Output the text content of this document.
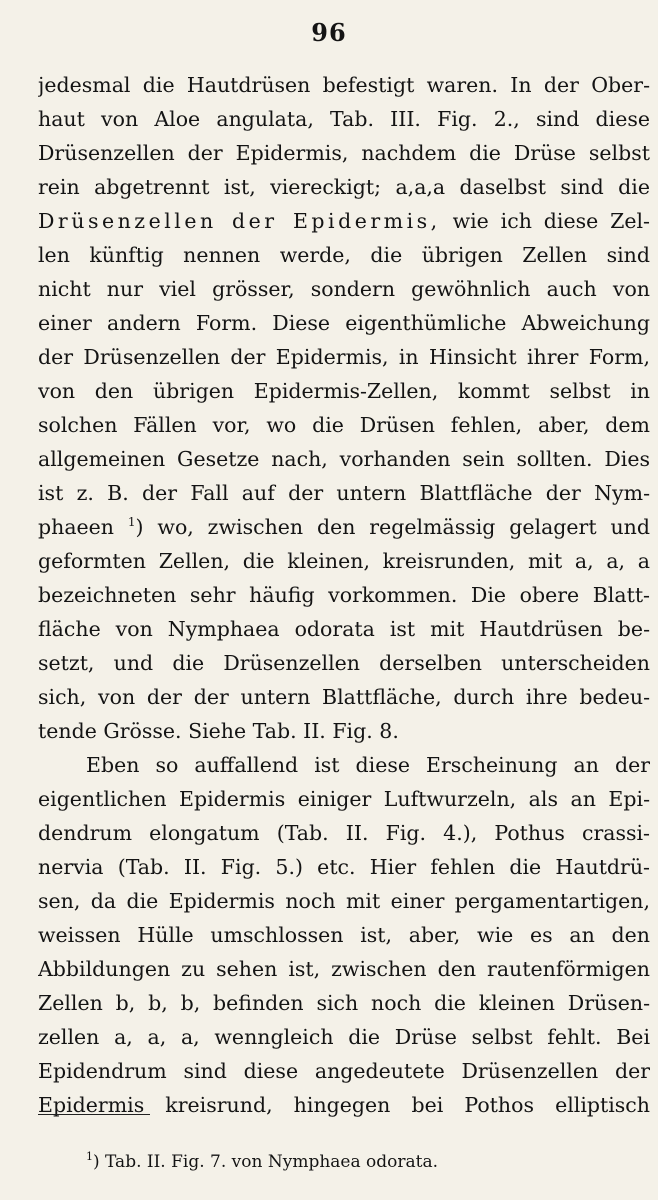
96
jedesmal die Hautdrüsen befestigt waren. In der Ober-
haut von Aloe angulata, Tab. III. Fig. 2., sind diese
Drüsenzellen der Epidermis, nachdem die Drüse selbst
rein abgetrennt ist, viereckigt; a,a,a daselbst sind die
Drüsenzellen der Epidermis, wie ich diese Zel-
len künftig nennen werde, die übrigen Zellen sind
nicht nur viel grösser, sondern gewöhnlich auch von
einer andern Form. Diese eigenthümliche Abweichung
der Drüsenzellen der Epidermis, in Hinsicht ihrer Form,
von den übrigen Epidermis-Zellen, kommt selbst in
solchen Fällen vor, wo die Drüsen fehlen, aber, dem
allgemeinen Gesetze nach, vorhanden sein sollten. Dies
ist z. B. der Fall auf der untern Blattfläche der Nym-
phaeen $^1$) wo, zwischen den regelmässig gelagert und
geformten Zellen, die kleinen, kreisrunden, mit a, a, a
bezeichneten sehr häufig vorkommen. Die obere Blatt-
fläche von Nymphaea odorata ist mit Hautdrüsen be-
setzt, und die Drüsenzellen derselben unterscheiden
sich, von der der untern Blattfläche, durch ihre bedeu-
tende Grösse. Siehe Tab. II. Fig. 8.
Eben so auffallend ist diese Erscheinung an der
eigentlichen Epidermis einiger Luftwurzeln, als an Epi-
dendrum elongatum (Tab. II. Fig. 4.), Pothus crassi-
nervia (Tab. II. Fig. 5.) etc. Hier fehlen die Hautdrü-
sen, da die Epidermis noch mit einer pergamentartigen,
weissen Hülle umschlossen ist, aber, wie es an den
Abbildungen zu sehen ist, zwischen den rautenförmigen
Zellen b, b, b, befinden sich noch die kleinen Drüsen-
zellen a, a, a, wenngleich die Drüse selbst fehlt. Bei
Epidendrum sind diese angedeutete Drüsenzellen der
Epidermis kreisrund, hingegen bei Pothos elliptisch
$^1$) Tab. II. Fig. 7. von Nymphaea odorata.
